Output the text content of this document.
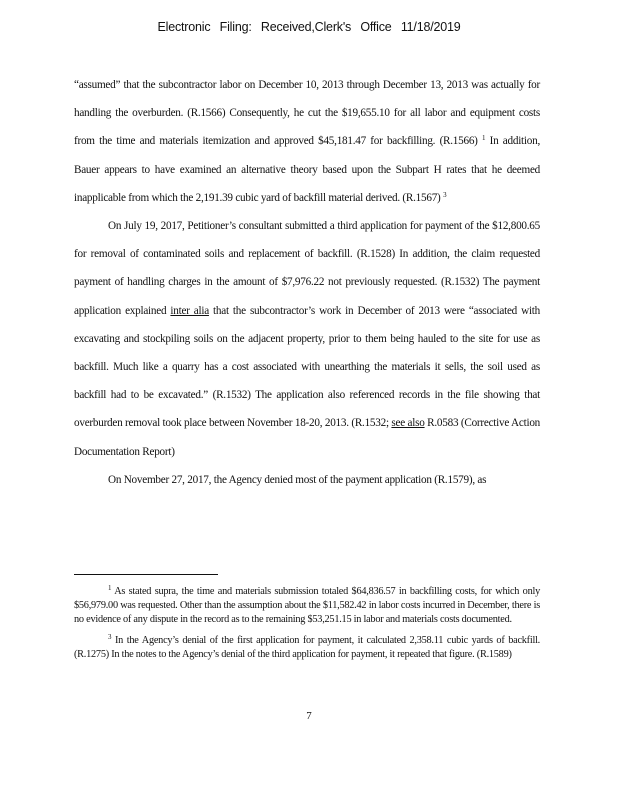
Electronic Filing: Received,Clerk's Office 11/18/2019

“assumed” that the subcontractor labor on December 10, 2013 through December 13, 2013 was actually for handling the overburden. (R.1566) Consequently, he cut the $19,655.10 for all labor and equipment costs from the time and materials itemization and approved $45,181.47 for backfilling. (R.1566) $^1$ In addition, Bauer appears to have examined an alternative theory based upon the Subpart H rates that he deemed inapplicable from which the 2,191.39 cubic yard of backfill material derived. (R.1567) $^3$

On July 19, 2017, Petitioner’s consultant submitted a third application for payment of the $12,800.65 for removal of contaminated soils and replacement of backfill. (R.1528) In addition, the claim requested payment of handling charges in the amount of $7,976.22 not previously requested. (R.1532) The payment application explained inter alia that the subcontractor’s work in December of 2013 were “associated with excavating and stockpiling soils on the adjacent property, prior to them being hauled to the site for use as backfill. Much like a quarry has a cost associated with unearthing the materials it sells, the soil used as backfill had to be excavated.” (R.1532) The application also referenced records in the file showing that overburden removal took place between November 18-20, 2013. (R.1532; see also R.0583 (Corrective Action Documentation Report)

On November 27, 2017, the Agency denied most of the payment application (R.1579), as

$^1$ As stated supra, the time and materials submission totaled $64,836.57 in backfilling costs, for which only $56,979.00 was requested. Other than the assumption about the $11,582.42 in labor costs incurred in December, there is no evidence of any dispute in the record as to the remaining $53,251.15 in labor and materials costs documented.

$^3$ In the Agency’s denial of the first application for payment, it calculated 2,358.11 cubic yards of backfill. (R.1275) In the notes to the Agency’s denial of the third application for payment, it repeated that figure. (R.1589)

7
